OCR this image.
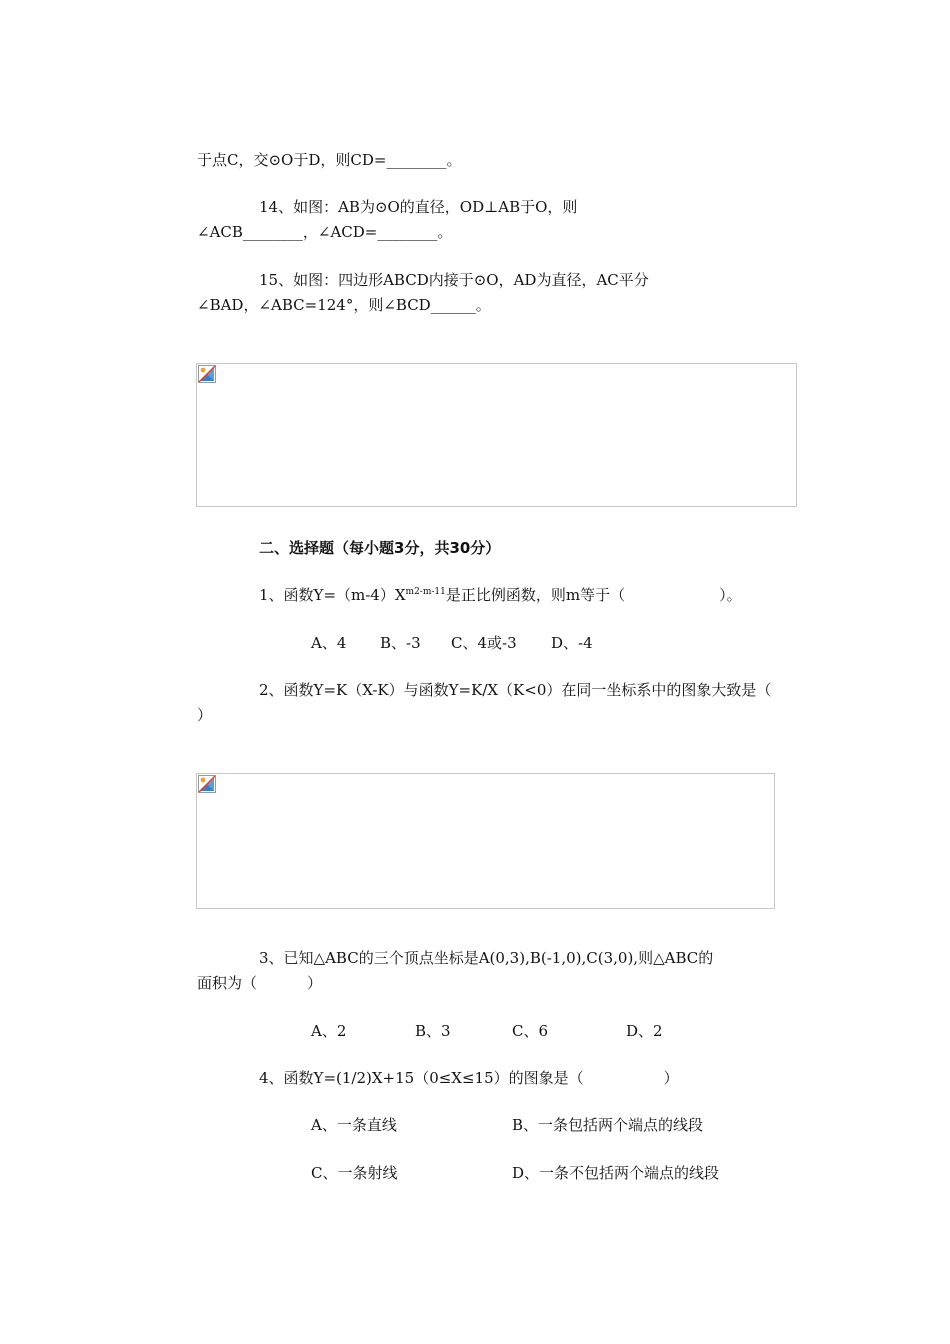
于点C，交⊙O于D，则CD=________。
14、如图：AB为⊙O的直径，OD⊥AB于O，则
∠ACB________，∠ACD=________。
15、如图：四边形ABCD内接于⊙O，AD为直径，AC平分
∠BAD，∠ABC=124°，则∠BCD______。
二、选择题（每小题3分，共30分）
1、函数$Y=(m-4)X^{m2-m-11}$是正比例函数，则m等于（	）。
A、4 B、-3 C、4或-3 D、-4
2、函数Y=K（X-K）与函数Y=K/X（K<0）在同一坐标系中的图象大致是（
）
3、已知△ABC的三个顶点坐标是A(0,3),B(-1,0),C(3,0),则△ABC的
面积为（	）
A、2	B、3	C、6	D、2
4、函数Y=(1/2)X+15（0≤X≤15）的图象是（	）
A、一条直线	B、一条包括两个端点的线段
C、一条射线	D、一条不包括两个端点的线段
